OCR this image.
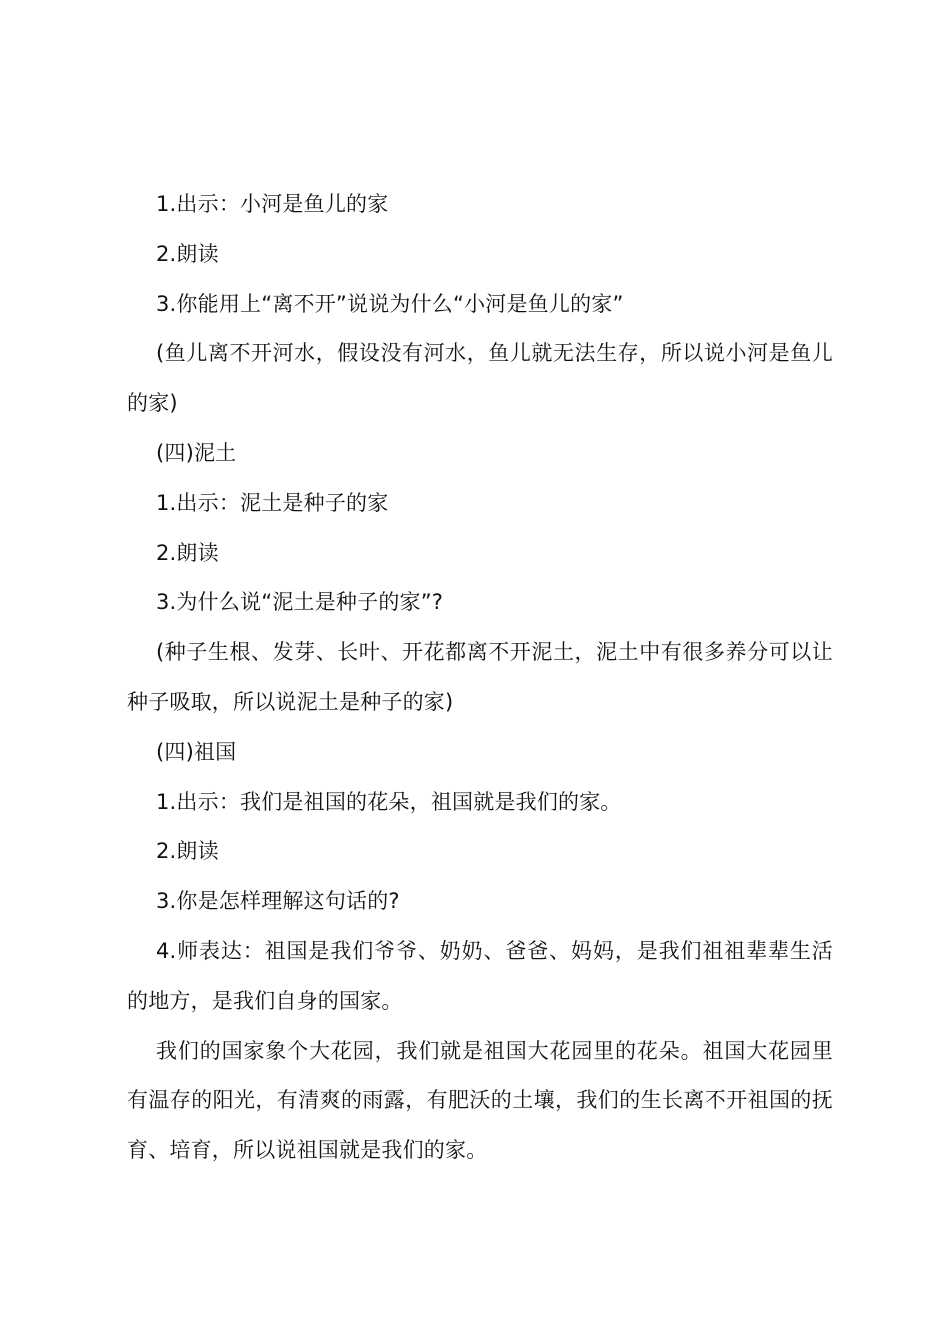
1.出示：小河是鱼儿的家

2.朗读

3.你能用上“离不开”说说为什么“小河是鱼儿的家”

(鱼儿离不开河水，假设没有河水，鱼儿就无法生存，所以说小河是鱼儿的家)

(四)泥土

1.出示：泥土是种子的家

2.朗读

3.为什么说“泥土是种子的家”?

(种子生根、发芽、长叶、开花都离不开泥土，泥土中有很多养分可以让种子吸取，所以说泥土是种子的家)

(四)祖国

1.出示：我们是祖国的花朵，祖国就是我们的家。

2.朗读

3.你是怎样理解这句话的?

4.师表达：祖国是我们爷爷、奶奶、爸爸、妈妈，是我们祖祖辈辈生活的地方，是我们自身的国家。

我们的国家象个大花园，我们就是祖国大花园里的花朵。祖国大花园里有温存的阳光，有清爽的雨露，有肥沃的土壤，我们的生长离不开祖国的抚育、培育，所以说祖国就是我们的家。
